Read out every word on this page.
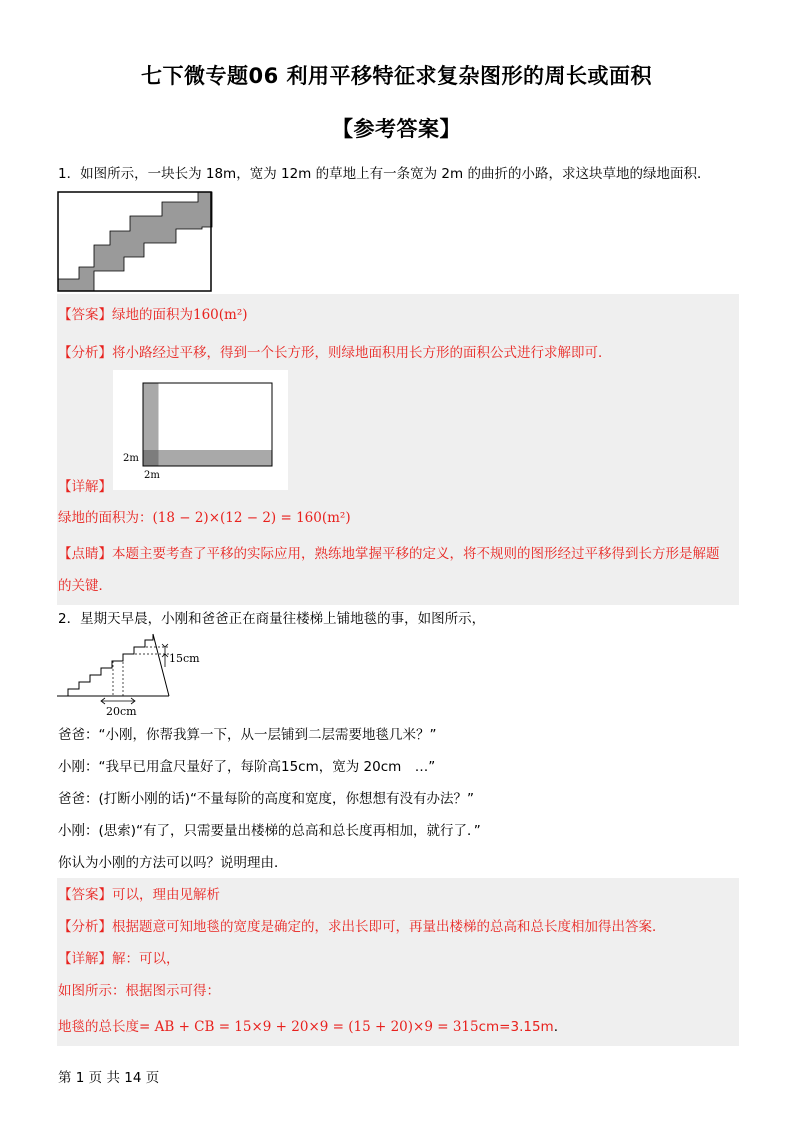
七下微专题06 利用平移特征求复杂图形的周长或面积
【参考答案】
1．如图所示，一块长为 18m，宽为 12m 的草地上有一条宽为 2m 的曲折的小路，求这块草地的绿地面积．
【答案】绿地的面积为160(m²)
【分析】将小路经过平移，得到一个长方形，则绿地面积用长方形的面积公式进行求解即可．
2m
2m
【详解】
绿地的面积为：(18 − 2)×(12 − 2) = 160(m²)
【点睛】本题主要考查了平移的实际应用，熟练地掌握平移的定义，将不规则的图形经过平移得到长方形是解题
的关键．
2．星期天早晨，小刚和爸爸正在商量往楼梯上铺地毯的事，如图所示，
15cm
20cm
爸爸：“小刚，你帮我算一下，从一层铺到二层需要地毯几米？”
小刚：“我早已用盒尺量好了，每阶高15cm，宽为 20cm　…”
爸爸：(打断小刚的话)“不量每阶的高度和宽度，你想想有没有办法？”
小刚：(思索)“有了，只需要量出楼梯的总高和总长度再相加，就行了．”
你认为小刚的方法可以吗？说明理由．
【答案】可以，理由见解析
【分析】根据题意可知地毯的宽度是确定的，求出长即可，再量出楼梯的总高和总长度相加得出答案．
【详解】解：可以，
如图所示：根据图示可得：
地毯的总长度= AB + CB = 15×9 + 20×9 = (15 + 20)×9 = 315cm=3.15m.
第 1 页 共 14 页
